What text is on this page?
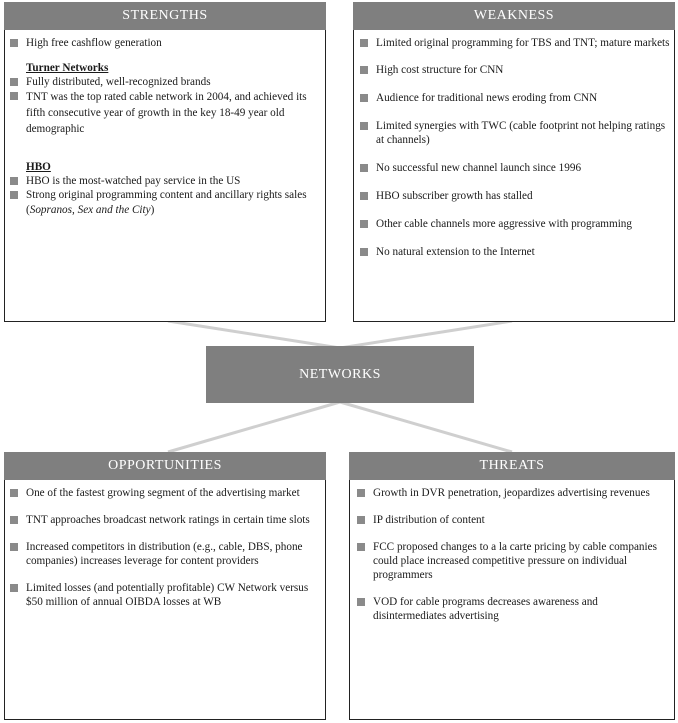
STRENGTHS
High free cashflow generation
Turner Networks
Fully distributed, well-recognized brands
TNT was the top rated cable network in 2004, and achieved its fifth consecutive year of growth in the key 18-49 year old demographic
HBO
HBO is the most-watched pay service in the US
Strong original programming content and ancillary rights sales (Sopranos, Sex and the City)
WEAKNESS
Limited original programming for TBS and TNT; mature markets
High cost structure for CNN
Audience for traditional news eroding from CNN
Limited synergies with TWC (cable footprint not helping ratings at channels)
No successful new channel launch since 1996
HBO subscriber growth has stalled
Other cable channels more aggressive with programming
No natural extension to the Internet
NETWORKS
OPPORTUNITIES
One of the fastest growing segment of the advertising market
TNT approaches broadcast network ratings in certain time slots
Increased competitors in distribution (e.g., cable, DBS, phone companies) increases leverage for content providers
Limited losses (and potentially profitable) CW Network versus $50 million of annual OIBDA losses at WB
THREATS
Growth in DVR penetration, jeopardizes advertising revenues
IP distribution of content
FCC proposed changes to a la carte pricing by cable companies could place increased competitive pressure on individual programmers
VOD for cable programs decreases awareness and disintermediates advertising
